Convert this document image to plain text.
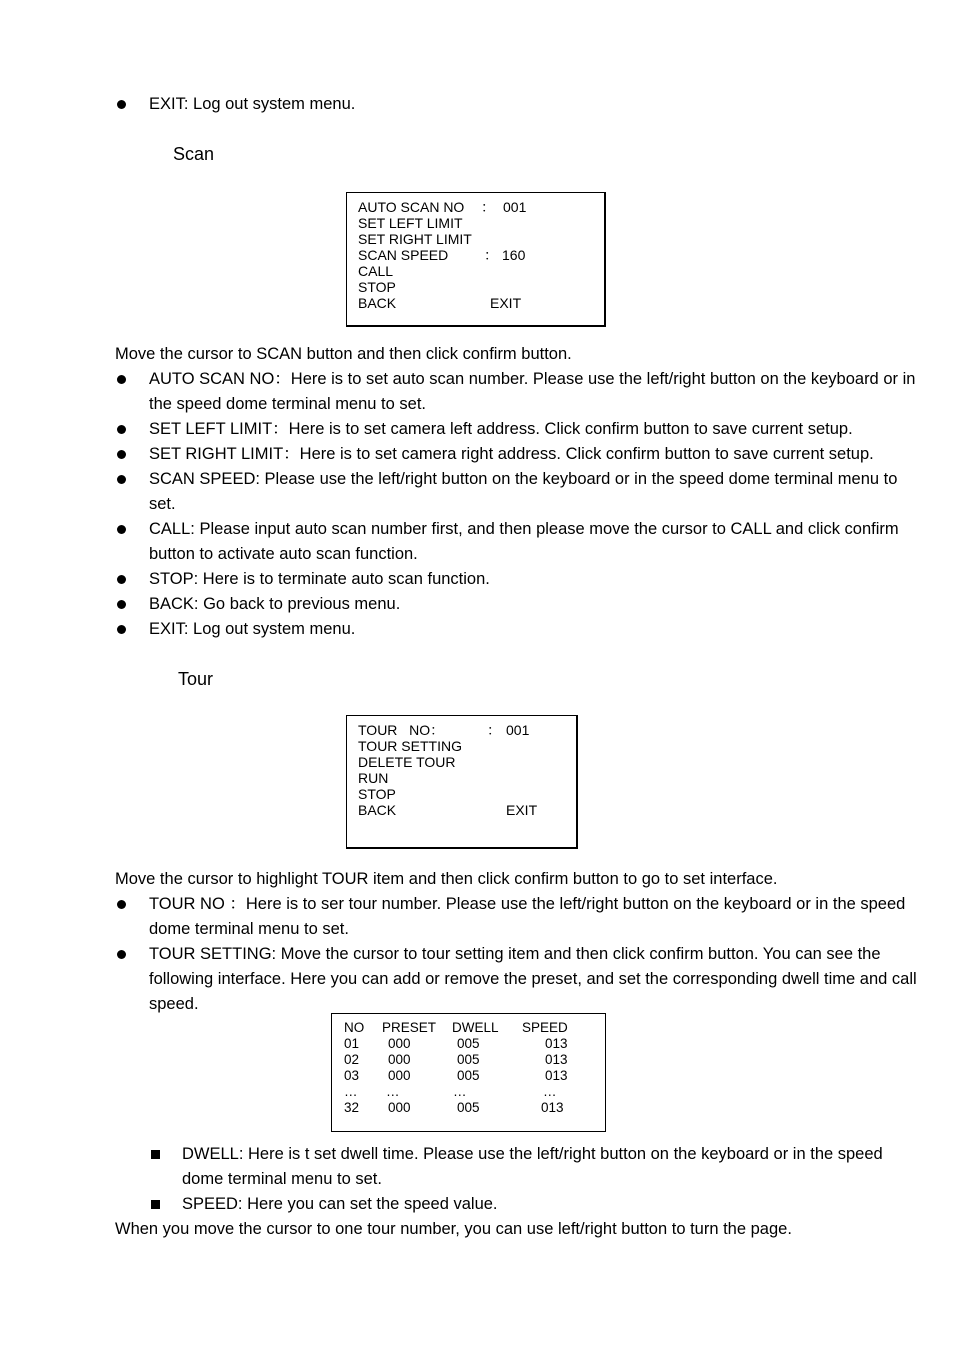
EXIT: Log out system menu.
Scan
AUTO SCAN NO ： 001
SET LEFT LIMIT
SET RIGHT LIMIT
SCAN SPEED	： 160
CALL
STOP
BACK	EXIT
Move the cursor to SCAN button and then click confirm button.
AUTO SCAN NO：Here is to set auto scan number. Please use the left/right button on the keyboard or in the speed dome terminal menu to set.
SET LEFT LIMIT：Here is to set camera left address. Click confirm button to save current setup.
SET RIGHT LIMIT：Here is to set camera right address. Click confirm button to save current setup.
SCAN SPEED: Please use the left/right button on the keyboard or in the speed dome terminal menu to set.
CALL: Please input auto scan number first, and then please move the cursor to CALL and click confirm button to activate auto scan function.
STOP: Here is to terminate auto scan function.
BACK: Go back to previous menu.
EXIT: Log out system menu.
Tour
TOUR   NO：	： 001
TOUR SETTING
DELETE TOUR
RUN
STOP
BACK	EXIT
Move the cursor to highlight TOUR item and then click confirm button to go to set interface.
TOUR NO ：Here is to ser tour number. Please use the left/right button on the keyboard or in the speed dome terminal menu to set.
TOUR SETTING: Move the cursor to tour setting item and then click confirm button. You can see the following interface. Here you can add or remove the preset, and set the corresponding dwell time and call speed.
NO PRESET DWELL SPEED
01 000	005	013
02 000	005	013
03 000	005	013
… …	…	…
32 000	005	013
DWELL: Here is t set dwell time. Please use the left/right button on the keyboard or in the speed dome terminal menu to set.
SPEED: Here you can set the speed value.
When you move the cursor to one tour number, you can use left/right button to turn the page.
